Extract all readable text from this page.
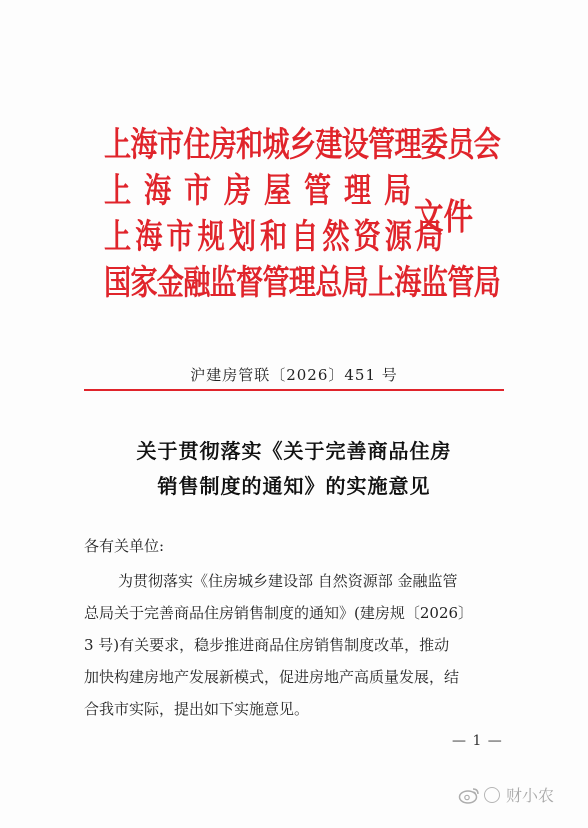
上海市住房和城乡建设管理委员会
上海市房屋管理局
上海市规划和自然资源局
国家金融监督管理总局上海监管局
文件
沪建房管联〔2026〕451 号
关于贯彻落实《关于完善商品住房
销售制度的通知》的实施意见
各有关单位:
为贯彻落实《住房城乡建设部 自然资源部 金融监管
总局关于完善商品住房销售制度的通知》(建房规〔2026〕
3 号)有关要求，稳步推进商品住房销售制度改革，推动
加快构建房地产发展新模式，促进房地产高质量发展，结
合我市实际，提出如下实施意见。
— 1 —
财小农
